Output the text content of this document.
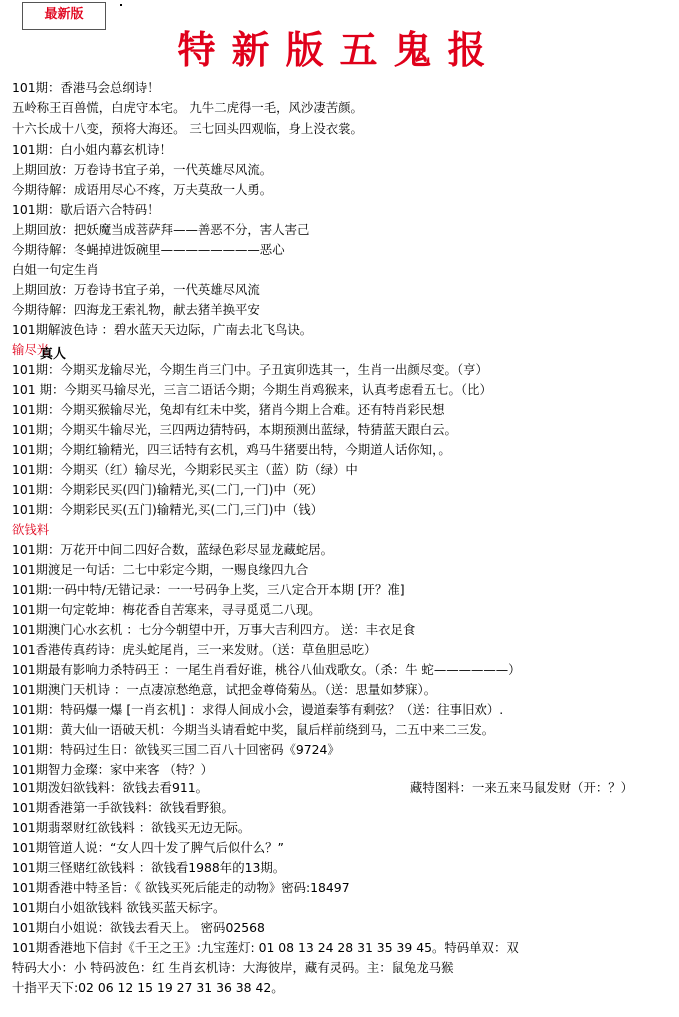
最新版
特新版五鬼报
101期：香港马会总纲诗！
五岭称王百兽慌，白虎守本宅。 九牛二虎得一毛，风沙凄苦颜。
十六长成十八变，预将大海还。 三七回头四观临，身上没衣裳。
101期：白小姐内幕玄机诗！
上期回放：万卷诗书宜子弟，一代英雄尽风流。
今期待解：成语用尽心不疼，万夫莫敌一人勇。
101期：歇后语六合特码！
上期回放：把妖魔当成菩萨拜——善恶不分，害人害己
今期待解：冬蝇掉进饭碗里————————恶心
白姐一句定生肖
上期回放：万卷诗书宜子弟，一代英雄尽风流
今期待解：四海龙王索礼物，献去猪羊换平安
101期解波色诗 ：碧水蓝天天边际，广南去北飞鸟诀。
输尽光
101期：今期买龙输尽光，今期生肖三门中。子丑寅卯选其一，生肖一出颜尽变。（亨）
101 期：今期买马输尽光，三言二语话今期；今期生肖鸡猴来，认真考虑看五七。（比）
101期：今期买猴输尽光，兔却有红未中奖，猪肖今期上合难。还有特肖彩民想
101期；今期买牛输尽光，三四两边猜特码，本期预测出蓝绿，特猜蓝天跟白云。
101期；今期红输精光，四三话特有玄机，鸡马牛猪要出特，今期道人话你知，。
101期：今期买（红）输尽光，今期彩民买主（蓝）防（绿）中
101期：今期彩民买(四门)输精光,买(二门,一门)中（死）
101期：今期彩民买(五门)输精光,买(二门,三门)中（钱）
欲钱料
101期：万花开中间二四好合数，蓝绿色彩尽显龙藏蛇居。
101期渡足一句话：二七中彩定今期，一赐良缘四九合
101期:一码中特/无错记录：一一号码争上奖，三八定合开本期 [开？准]
101期一句定乾坤：梅花香自苦寒来，寻寻觅觅二八现。
101期澳门心水玄机 ：七分今朝望中开，万事大吉利四方。 送：丰衣足食
101香港传真药诗：虎头蛇尾肖，三一来发财。（送：草鱼胆忌吃）
101期最有影响力杀特码王 ：一尾生肖看好谁，桃谷八仙戏歌女。（杀：牛 蛇——————）
101期澳门天机诗 ：一点凄凉愁绝意，试把金尊倚菊丛。（送：思量如梦寐）。
101期：特码爆一爆 [一肖玄机] ：求得人间成小会，谩道秦筝有剩弦？（送：往事旧欢）.
101期：黄大仙一语破天机：今期当头请看蛇中奖，鼠后样前绕到马，二五中来二三发。
101期：特码过生日：欲钱买三国二百八十回密码《9724》
101期智力金璨：家中来客 （特？）
101期泼妇欲钱料：欲钱去看911。
101期香港第一手欲钱料：欲钱看野狼。
101期翡翠财红欲钱料 ：欲钱买无边无际。
101期管道人说：“女人四十发了脾气后似什么？”
101期三怪赌红欲钱料 ：欲钱看1988年的13期。
101期香港中特圣旨：《 欲钱买死后能走的动物》密码:18497
101期白小姐欲钱料 欲钱买蓝天标字。
101期白小姐说：欲钱去看天上。 密码02568
101期香港地下信封《千王之王》:九宝莲灯: 01 08 13 24 28 31 35 39 45。特码单双：双
特码大小：小 特码波色：红 生肖玄机诗：大海彼岸，藏有灵码。主：鼠兔龙马猴
十指平天下:02 06 12 15 19 27 31 36 38 42。
真人
藏特图料：一来五来马鼠发财（开：？）
